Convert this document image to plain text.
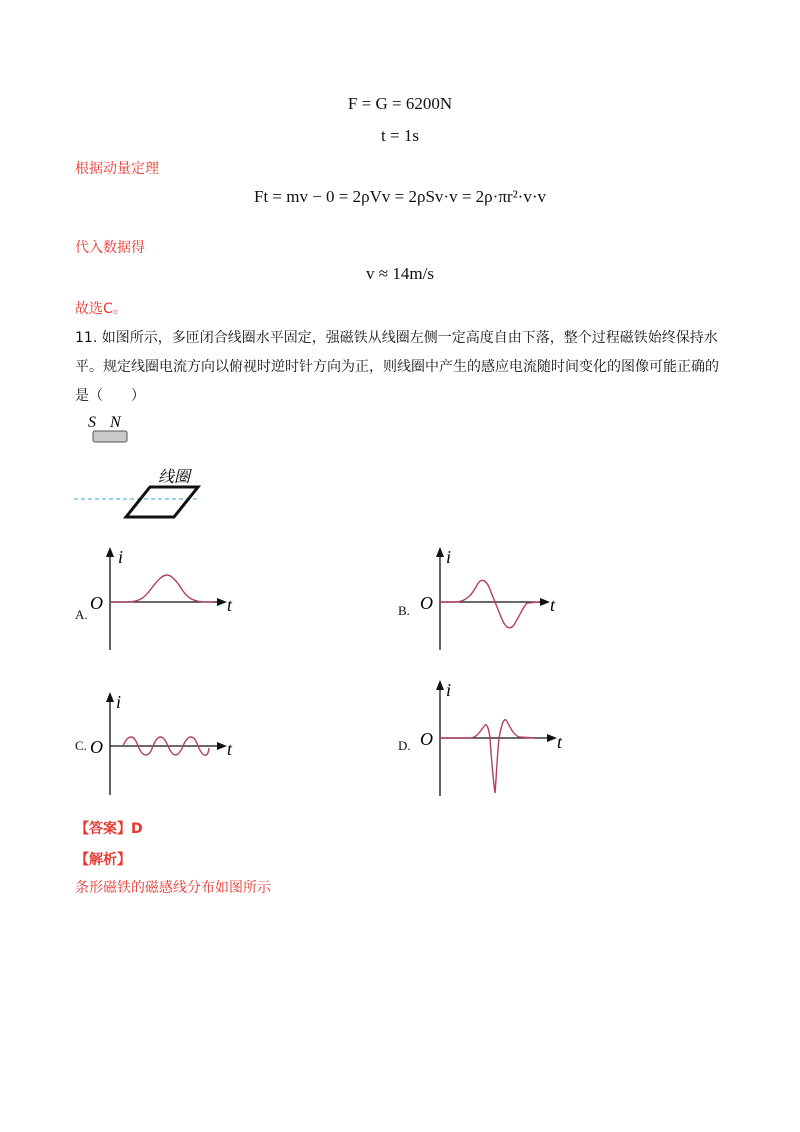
F = G = 6200N
t = 1s
根据动量定理
Ft = mv − 0 = 2ρVv = 2ρSv·v = 2ρ·πr²·v·v
代入数据得
v ≈ 14m/s
故选C。
11. 如图所示，多匝闭合线圈水平固定，强磁铁从线圈左侧一定高度自由下落，整个过程磁铁始终保持水
平。规定线圈电流方向以俯视时逆时针方向为正，则线圈中产生的感应电流随时间变化的图像可能正确的
是（　　）
S N
线圈
A.
i
O	t	B.
i
O	t
C.
i
O	t	D.
i
O	t
【答案】D
【解析】
条形磁铁的磁感线分布如图所示
